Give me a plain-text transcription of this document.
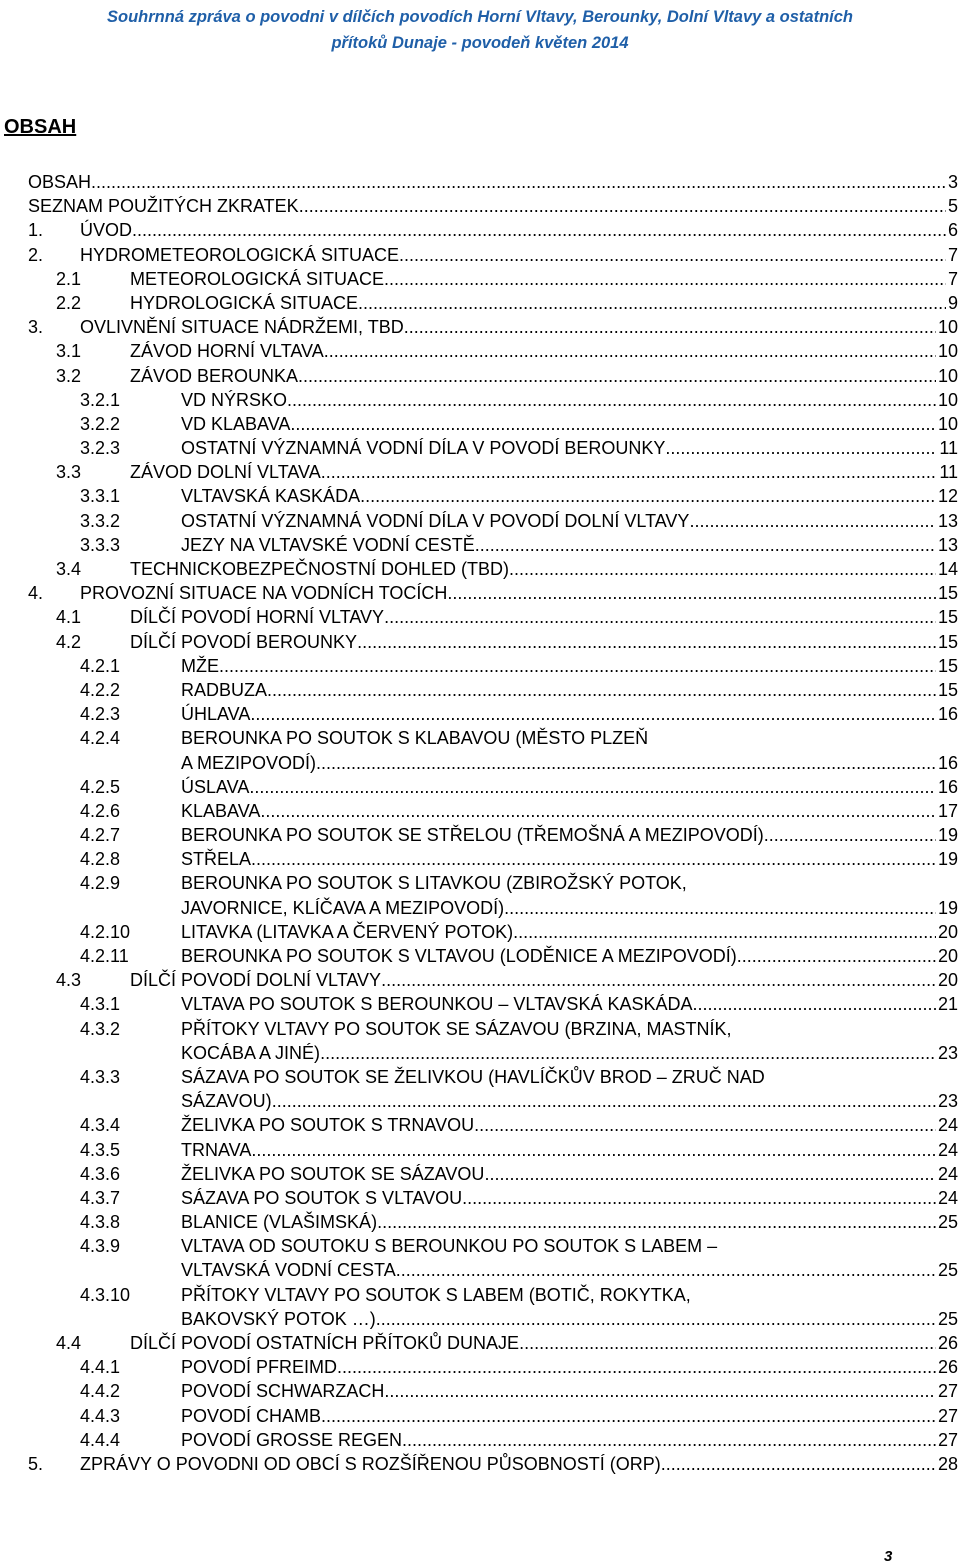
Souhrnná zpráva o povodni v dílčích povodích Horní Vltavy, Berounky, Dolní Vltavy a ostatních
přítoků Dunaje - povodeň květen 2014
OBSAH
OBSAH .....	3
SEZNAM POUŽITÝCH ZKRATEK .....	5
1.	ÚVOD .....	6
2.	HYDROMETEOROLOGICKÁ SITUACE .....	7
2.1	METEOROLOGICKÁ SITUACE .....	7
2.2	HYDROLOGICKÁ SITUACE .....	9
3.	OVLIVNĚNÍ SITUACE NÁDRŽEMI, TBD .....	10
3.1	ZÁVOD HORNÍ VLTAVA .....	10
3.2	ZÁVOD BEROUNKA .....	10
3.2.1	VD NÝRSKO .....	10
3.2.2	VD KLABAVA .....	10
3.2.3	OSTATNÍ VÝZNAMNÁ VODNÍ DÍLA V POVODÍ BEROUNKY .....	11
3.3	ZÁVOD DOLNÍ VLTAVA .....	11
3.3.1	VLTAVSKÁ KASKÁDA .....	12
3.3.2	OSTATNÍ VÝZNAMNÁ VODNÍ DÍLA V POVODÍ DOLNÍ VLTAVY .....	13
3.3.3	JEZY NA VLTAVSKÉ VODNÍ CESTĚ .....	13
3.4	TECHNICKOBEZPEČNOSTNÍ DOHLED (TBD) .....	14
4.	PROVOZNÍ SITUACE NA VODNÍCH TOCÍCH .....	15
4.1	DÍLČÍ POVODÍ HORNÍ VLTAVY .....	15
4.2	DÍLČÍ POVODÍ BEROUNKY .....	15
4.2.1	MŽE .....	15
4.2.2	RADBUZA .....	15
4.2.3	ÚHLAVA .....	16
4.2.4	BEROUNKA PO SOUTOK S KLABAVOU (MĚSTO PLZEŇ
A MEZIPOVODÍ) .....	16
4.2.5	ÚSLAVA .....	16
4.2.6	KLABAVA .....	17
4.2.7	BEROUNKA PO SOUTOK SE STŘELOU (TŘEMOŠNÁ A MEZIPOVODÍ) .....	19
4.2.8	STŘELA .....	19
4.2.9	BEROUNKA PO SOUTOK S LITAVKOU (ZBIROŽSKÝ POTOK,
JAVORNICE, KLÍČAVA A MEZIPOVODÍ) .....	19
4.2.10	LITAVKA (LITAVKA A ČERVENÝ POTOK) .....	20
4.2.11	BEROUNKA PO SOUTOK S VLTAVOU (LODĚNICE A MEZIPOVODÍ) .....	20
4.3	DÍLČÍ POVODÍ DOLNÍ VLTAVY .....	20
4.3.1	VLTAVA PO SOUTOK S BEROUNKOU – VLTAVSKÁ KASKÁDA .....	21
4.3.2	PŘÍTOKY VLTAVY PO SOUTOK SE SÁZAVOU (BRZINA, MASTNÍK,
KOCÁBA A JINÉ) .....	23
4.3.3	SÁZAVA PO SOUTOK SE ŽELIVKOU (HAVLÍČKŮV BROD – ZRUČ NAD
SÁZAVOU) .....	23
4.3.4	ŽELIVKA PO SOUTOK S TRNAVOU .....	24
4.3.5	TRNAVA .....	24
4.3.6	ŽELIVKA PO SOUTOK SE SÁZAVOU .....	24
4.3.7	SÁZAVA PO SOUTOK S VLTAVOU .....	24
4.3.8	BLANICE (VLAŠIMSKÁ) .....	25
4.3.9	VLTAVA OD SOUTOKU S BEROUNKOU PO SOUTOK S LABEM –
VLTAVSKÁ VODNÍ CESTA .....	25
4.3.10	PŘÍTOKY VLTAVY PO SOUTOK S LABEM (BOTIČ, ROKYTKA,
BAKOVSKÝ POTOK …) .....	25
4.4	DÍLČÍ POVODÍ OSTATNÍCH PŘÍTOKŮ DUNAJE .....	26
4.4.1	POVODÍ PFREIMD .....	26
4.4.2	POVODÍ SCHWARZACH .....	27
4.4.3	POVODÍ CHAMB .....	27
4.4.4	POVODÍ GROSSE REGEN .....	27
5.	ZPRÁVY O POVODNI OD OBCÍ S ROZŠÍŘENOU PŮSOBNOSTÍ (ORP) .....	28
3
